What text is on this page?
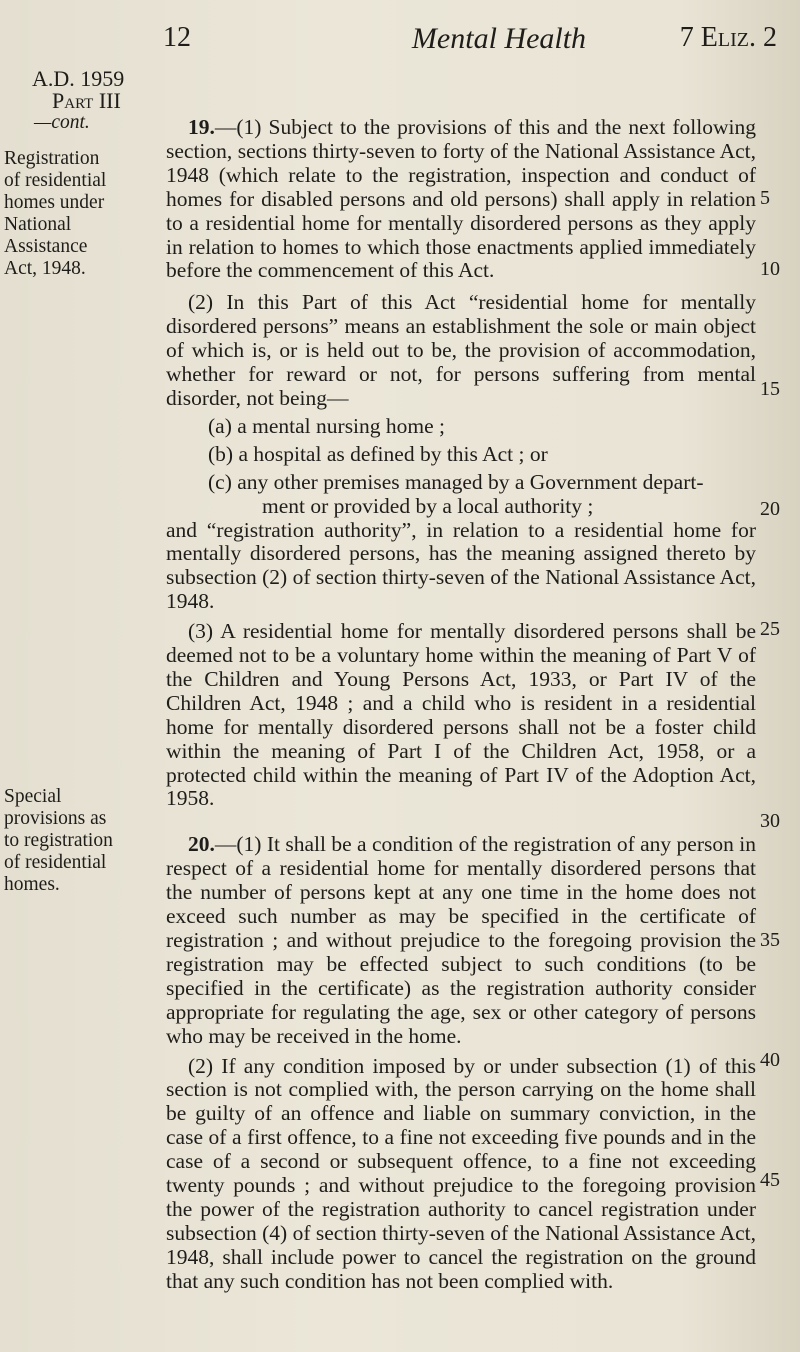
12	Mental Health	7 Eliz. 2
A.D. 1959
Part III
—cont.
Registration
of residential
homes under
National
Assistance
Act, 1948.
Special
provisions as
to registration
of residential
homes.

19.—(1) Subject to the provisions of this and the next following section, sections thirty-seven to forty of the National Assistance Act, 1948 (which relate to the registration, inspection and conduct of homes for disabled persons and old persons) shall apply in relation to a residential home for mentally disordered persons as they apply in relation to homes to which those enactments applied immediately before the commencement of this Act.

(2) In this Part of this Act “residential home for mentally disordered persons” means an establishment the sole or main object of which is, or is held out to be, the provision of accommodation, whether for reward or not, for persons suffering from mental disorder, not being—

(a) a mental nursing home ;

(b) a hospital as defined by this Act ; or

(c) any other premises managed by a Government depart-

ment or provided by a local authority ;

and “registration authority”, in relation to a residential home for mentally disordered persons, has the meaning assigned thereto by subsection (2) of section thirty-seven of the National Assistance Act, 1948.

(3) A residential home for mentally disordered persons shall be deemed not to be a voluntary home within the meaning of Part V of the Children and Young Persons Act, 1933, or Part IV of the Children Act, 1948 ; and a child who is resident in a residential home for mentally disordered persons shall not be a foster child within the meaning of Part I of the Children Act, 1958, or a protected child within the meaning of Part IV of the Adoption Act, 1958.

20.—(1) It shall be a condition of the registration of any person in respect of a residential home for mentally disordered persons that the number of persons kept at any one time in the home does not exceed such number as may be specified in the certificate of registration ; and without prejudice to the foregoing provision the registration may be effected subject to such conditions (to be specified in the certificate) as the registration authority consider appropriate for regulating the age, sex or other category of persons who may be received in the home.

(2) If any condition imposed by or under subsection (1) of this section is not complied with, the person carrying on the home shall be guilty of an offence and liable on summary conviction, in the case of a first offence, to a fine not exceeding five pounds and in the case of a second or subsequent offence, to a fine not exceeding twenty pounds ; and without prejudice to the foregoing provision the power of the registration authority to cancel registration under subsection (4) of section thirty-seven of the National Assistance Act, 1948, shall include power to cancel the registration on the ground that any such condition has not been complied with.

5
10
15
20
25
30
35
40
45
